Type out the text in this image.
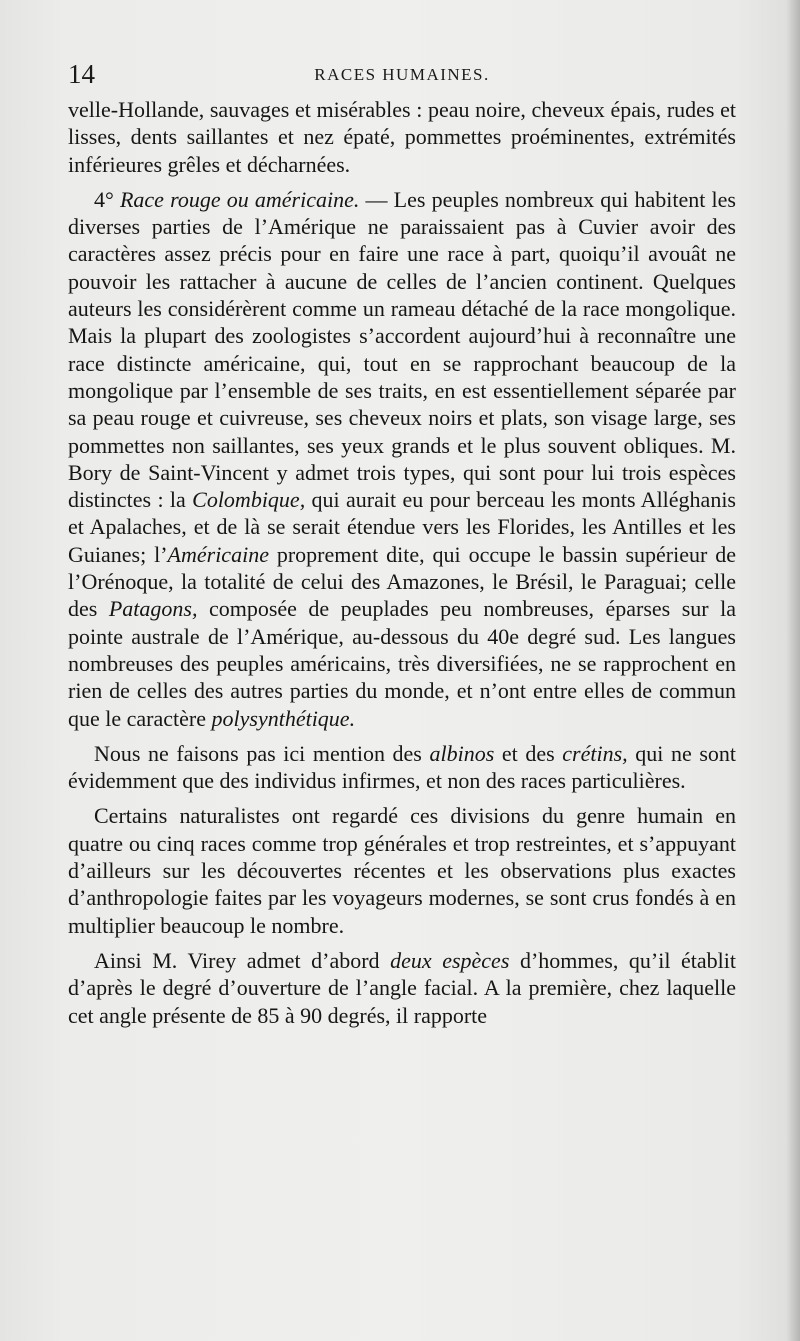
14	RACES HUMAINES.

velle-Hollande, sauvages et misérables : peau noire, cheveux épais, rudes et lisses, dents saillantes et nez épaté, pommettes proéminentes, extrémités inférieures grêles et décharnées.

4° Race rouge ou américaine. — Les peuples nombreux qui habitent les diverses parties de l’Amérique ne paraissaient pas à Cuvier avoir des caractères assez précis pour en faire une race à part, quoiqu’il avouât ne pouvoir les rattacher à aucune de celles de l’ancien continent. Quelques auteurs les considérèrent comme un rameau détaché de la race mongolique. Mais la plupart des zoologistes s’accordent aujourd’hui à reconnaître une race distincte américaine, qui, tout en se rapprochant beaucoup de la mongolique par l’ensemble de ses traits, en est essentiellement séparée par sa peau rouge et cuivreuse, ses cheveux noirs et plats, son visage large, ses pommettes non saillantes, ses yeux grands et le plus souvent obliques. M. Bory de Saint-Vincent y admet trois types, qui sont pour lui trois espèces distinctes : la Colombique, qui aurait eu pour berceau les monts Alléghanis et Apalaches, et de là se serait étendue vers les Florides, les Antilles et les Guianes; l’Américaine proprement dite, qui occupe le bassin supérieur de l’Orénoque, la totalité de celui des Amazones, le Brésil, le Paraguai; celle des Patagons, composée de peuplades peu nombreuses, éparses sur la pointe australe de l’Amérique, au-dessous du 40e degré sud. Les langues nombreuses des peuples américains, très diversifiées, ne se rapprochent en rien de celles des autres parties du monde, et n’ont entre elles de commun que le caractère polysynthétique.

Nous ne faisons pas ici mention des albinos et des crétins, qui ne sont évidemment que des individus infirmes, et non des races particulières.

Certains naturalistes ont regardé ces divisions du genre humain en quatre ou cinq races comme trop générales et trop restreintes, et s’appuyant d’ailleurs sur les découvertes récentes et les observations plus exactes d’anthropologie faites par les voyageurs modernes, se sont crus fondés à en multiplier beaucoup le nombre.

Ainsi M. Virey admet d’abord deux espèces d’hommes, qu’il établit d’après le degré d’ouverture de l’angle facial. A la première, chez laquelle cet angle présente de 85 à 90 degrés, il rapporte
